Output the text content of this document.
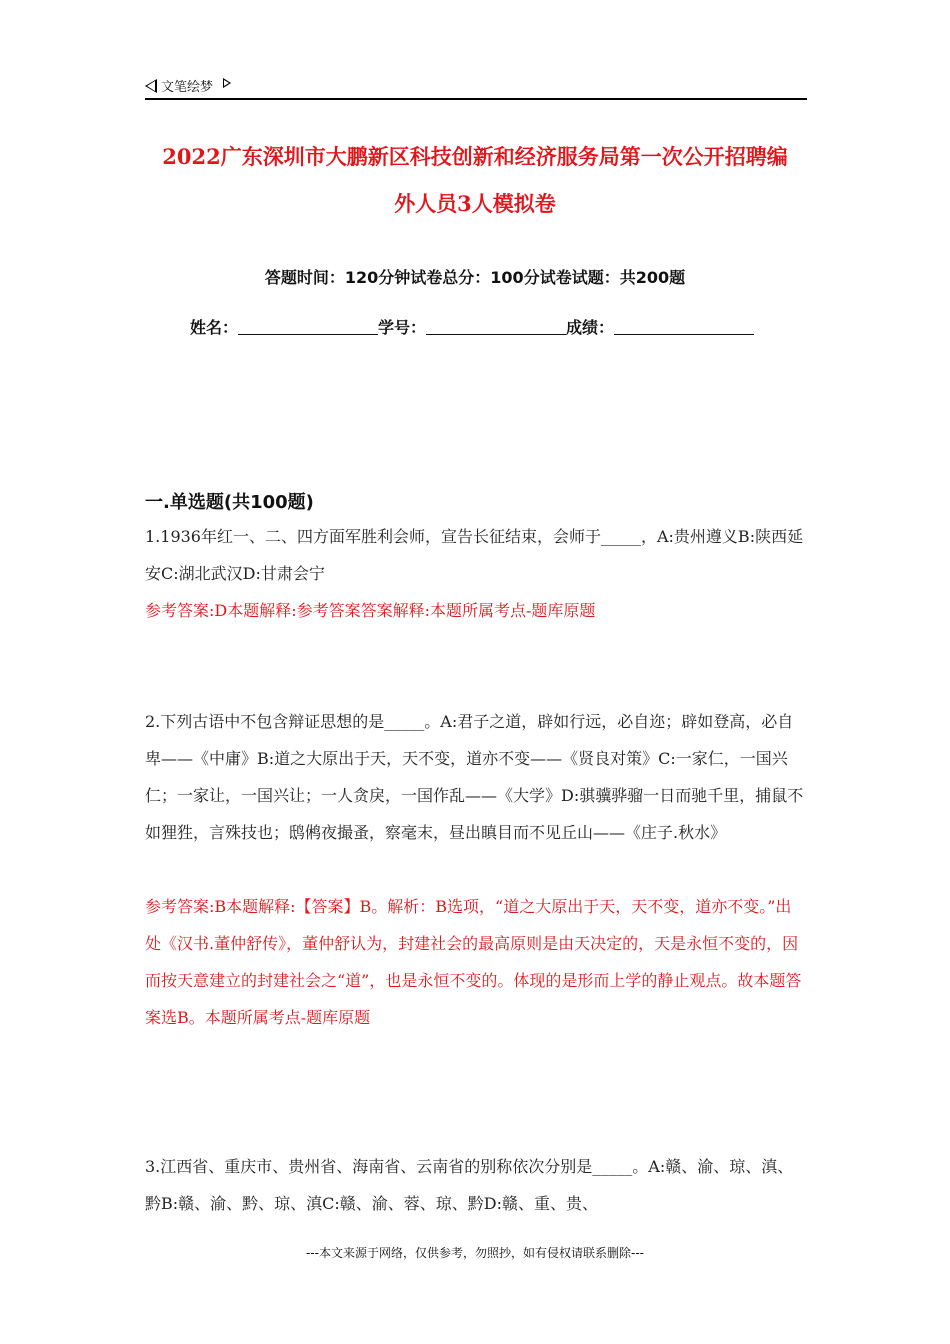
文笔绘梦
2022广东深圳市大鹏新区科技创新和经济服务局第一次公开招聘编
外人员3人模拟卷
答题时间：120分钟试卷总分：100分试卷试题：共200题
姓名：	学号：	成绩：
一.单选题(共100题)
1.1936年红一、二、四方面军胜利会师，宣告长征结束，会师于_____，A:贵州遵义B:陕西延安C:湖北武汉D:甘肃会宁
参考答案:D本题解释:参考答案答案解释:本题所属考点-题库原题
2.下列古语中不包含辩证思想的是_____。A:君子之道，辟如行远，必自迩；辟如登高，必自卑——《中庸》B:道之大原出于天，天不变，道亦不变——《贤良对策》C:一家仁，一国兴仁；一家让，一国兴让；一人贪戾，一国作乱——《大学》D:骐骥骅骝一日而驰千里，捕鼠不如狸狌，言殊技也；鸱鸺夜撮蚤，察毫末，昼出瞋目而不见丘山——《庄子.秋水》
参考答案:B本题解释:【答案】B。解析：B选项，“道之大原出于天，天不变，道亦不变。”出处《汉书.董仲舒传》，董仲舒认为，封建社会的最高原则是由天决定的，天是永恒不变的，因而按天意建立的封建社会之“道”，也是永恒不变的。体现的是形而上学的静止观点。故本题答案选B。本题所属考点-题库原题
3.江西省、重庆市、贵州省、海南省、云南省的别称依次分别是_____。A:赣、渝、琼、滇、黔B:赣、渝、黔、琼、滇C:赣、渝、蓉、琼、黔D:赣、重、贵、
---本文来源于网络，仅供参考，勿照抄，如有侵权请联系删除---
